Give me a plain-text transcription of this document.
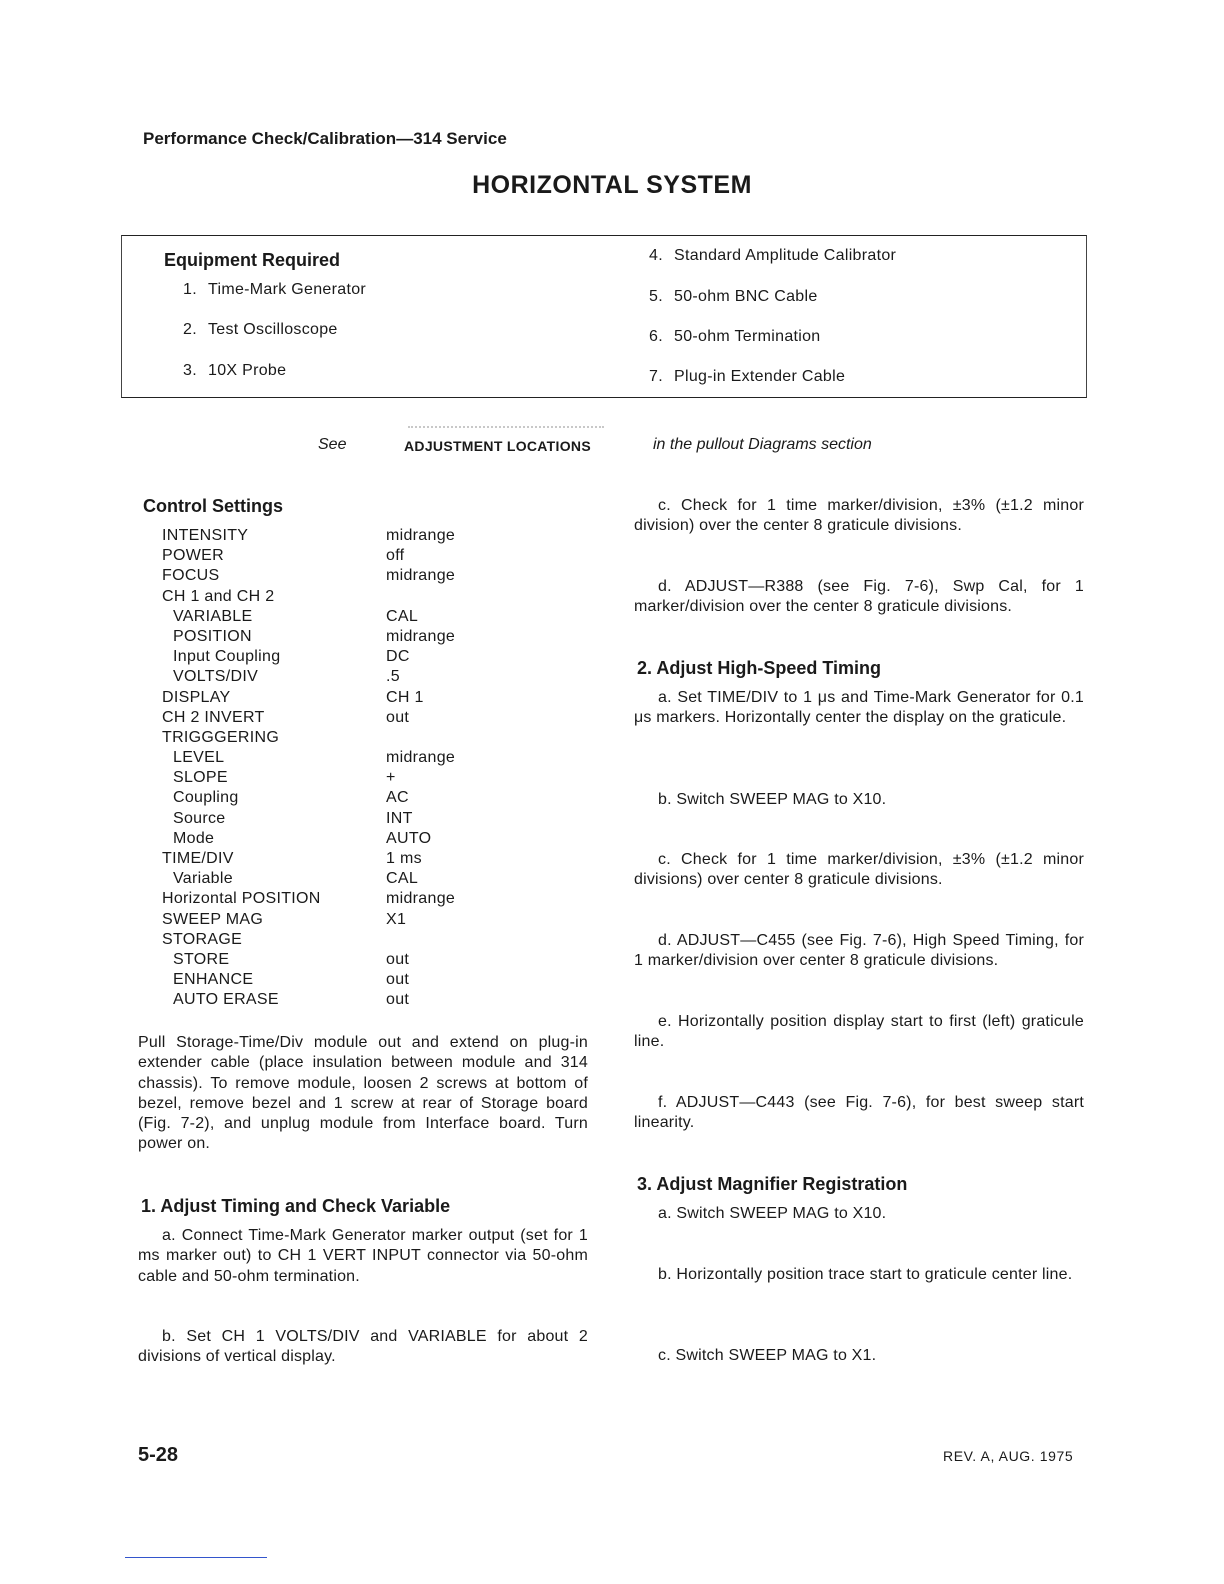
Performance Check/Calibration—314 Service
HORIZONTAL SYSTEM
Equipment Required
1. Time-Mark Generator
2. Test Oscilloscope
3. 10X Probe
4. Standard Amplitude Calibrator
5. 50-ohm BNC Cable
6. 50-ohm Termination
7. Plug-in Extender Cable
See	ADJUSTMENT LOCATIONS	in the pullout Diagrams section
Control Settings
INTENSITY	midrange
POWER	off
FOCUS	midrange
CH 1 and CH 2
VARIABLE	CAL
POSITION	midrange
Input Coupling	DC
VOLTS/DIV	.5
DISPLAY	CH 1
CH 2 INVERT	out
TRIGGGERING
LEVEL	midrange
SLOPE	+
Coupling	AC
Source	INT
Mode	AUTO
TIME/DIV	1 ms
Variable	CAL
Horizontal POSITION	midrange
SWEEP MAG	X1
STORAGE
STORE	out
ENHANCE	out
AUTO ERASE	out
Pull Storage-Time/Div module out and extend on plug-in extender cable (place insulation between module and 314 chassis). To remove module, loosen 2 screws at bottom of bezel, remove bezel and 1 screw at rear of Storage board (Fig. 7-2), and unplug module from Interface board. Turn power on.
1. Adjust Timing and Check Variable
a. Connect Time-Mark Generator marker output (set for 1 ms marker out) to CH 1 VERT INPUT connector via 50-ohm cable and 50-ohm termination.
b. Set CH 1 VOLTS/DIV and VARIABLE for about 2 divisions of vertical display.
c. Check for 1 time marker/division, ±3% (±1.2 minor division) over the center 8 graticule divisions.
d. ADJUST—R388 (see Fig. 7-6), Swp Cal, for 1 marker/division over the center 8 graticule divisions.
2. Adjust High-Speed Timing
a. Set TIME/DIV to 1 μs and Time-Mark Generator for 0.1 μs markers. Horizontally center the display on the graticule.
b. Switch SWEEP MAG to X10.
c. Check for 1 time marker/division, ±3% (±1.2 minor divisions) over center 8 graticule divisions.
d. ADJUST—C455 (see Fig. 7-6), High Speed Timing, for 1 marker/division over center 8 graticule divisions.
e. Horizontally position display start to first (left) graticule line.
f. ADJUST—C443 (see Fig. 7-6), for best sweep start linearity.
3. Adjust Magnifier Registration
a. Switch SWEEP MAG to X10.
b. Horizontally position trace start to graticule center line.
c. Switch SWEEP MAG to X1.
5-28	REV. A, AUG. 1975
